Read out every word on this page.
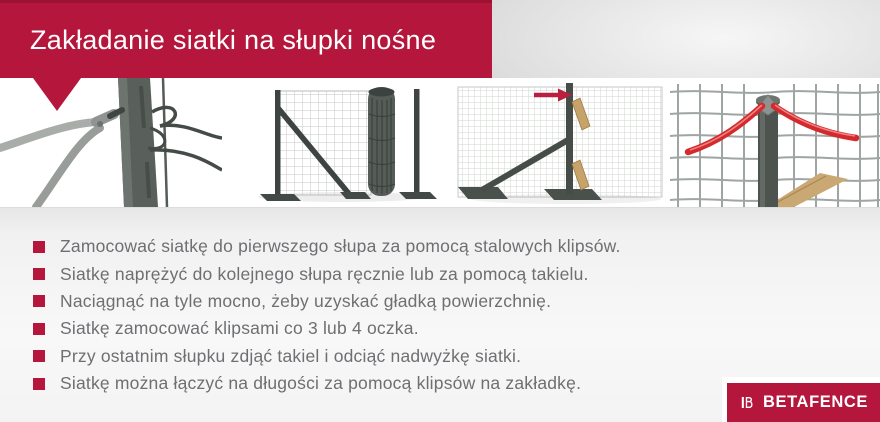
Zakładanie siatki na słupki nośne
Zamocować siatkę do pierwszego słupa za pomocą stalowych klipsów.
Siatkę naprężyć do kolejnego słupa ręcznie lub za pomocą takielu.
Naciągnąć na tyle mocno, żeby uzyskać gładką powierzchnię.
Siatkę zamocować klipsami co 3 lub 4 oczka.
Przy ostatnim słupku zdjąć takiel i odciąć nadwyżkę siatki.
Siatkę można łączyć na długości za pomocą klipsów na zakładkę.
BETAFENCE
